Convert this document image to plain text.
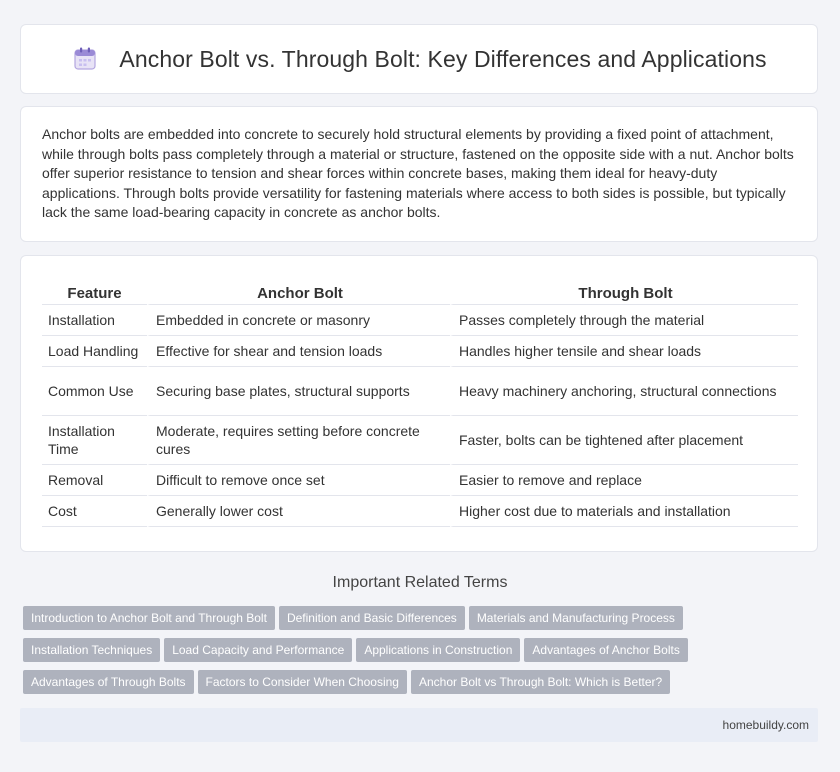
Anchor Bolt vs. Through Bolt: Key Differences and Applications

Anchor bolts are embedded into concrete to securely hold structural elements by providing a fixed point of attachment, while through bolts pass completely through a material or structure, fastened on the opposite side with a nut. Anchor bolts offer superior resistance to tension and shear forces within concrete bases, making them ideal for heavy-duty applications. Through bolts provide versatility for fastening materials where access to both sides is possible, but typically lack the same load-bearing capacity in concrete as anchor bolts.

Feature	Anchor Bolt	Through Bolt
Installation	Embedded in concrete or masonry	Passes completely through the material
Load Handling	Effective for shear and tension loads	Handles higher tensile and shear loads
Common Use	Securing base plates, structural supports	Heavy machinery anchoring, structural connections
Installation Time	Moderate, requires setting before concrete cures	Faster, bolts can be tightened after placement
Removal	Difficult to remove once set	Easier to remove and replace
Cost	Generally lower cost	Higher cost due to materials and installation
Important Related Terms
Introduction to Anchor Bolt and Through Bolt Definition and Basic Differences Materials and Manufacturing Process
Installation Techniques Load Capacity and Performance Applications in Construction Advantages of Anchor Bolts
Advantages of Through Bolts Factors to Consider When Choosing Anchor Bolt vs Through Bolt: Which is Better?
homebuildy.com
